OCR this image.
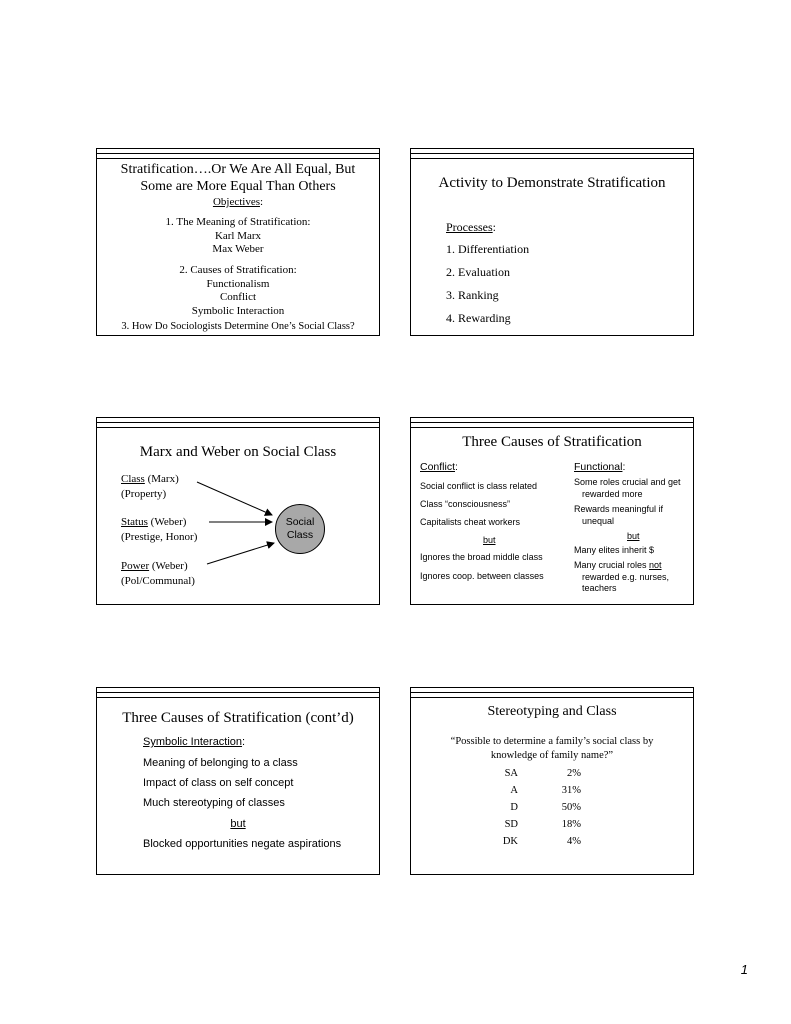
Stratification….Or We Are All Equal, But
Some are More Equal Than Others
Objectives:
1. The Meaning of Stratification:
Karl Marx
Max Weber
2. Causes of Stratification:
Functionalism
Conflict
Symbolic Interaction
3. How Do Sociologists Determine One’s Social Class?
Activity to Demonstrate Stratification
Processes:
1. Differentiation
2. Evaluation
3. Ranking
4. Rewarding
Marx and Weber on Social Class
Class (Marx)
(Property)
Status (Weber)
(Prestige, Honor)
Power (Weber)
(Pol/Communal)
Social
Class
Three Causes of Stratification
Conflict:
Social conflict is class related
Class “consciousness”
Capitalists cheat workers
but
Ignores the broad middle class
Ignores coop. between classes
Functional:
Some roles crucial and get
rewarded more
Rewards meaningful if
unequal
but
Many elites inherit $
Many crucial roles not
rewarded e.g. nurses,
teachers
Three Causes of Stratification (cont’d)
Symbolic Interaction:
Meaning of belonging to a class
Impact of class on self concept
Much stereotyping of classes
but
Blocked opportunities negate aspirations
Stereotyping and Class
“Possible to determine a family’s social class by
knowledge of family name?”
SA	2%
A	31%
D	50%
SD	18%
DK	4%
1
